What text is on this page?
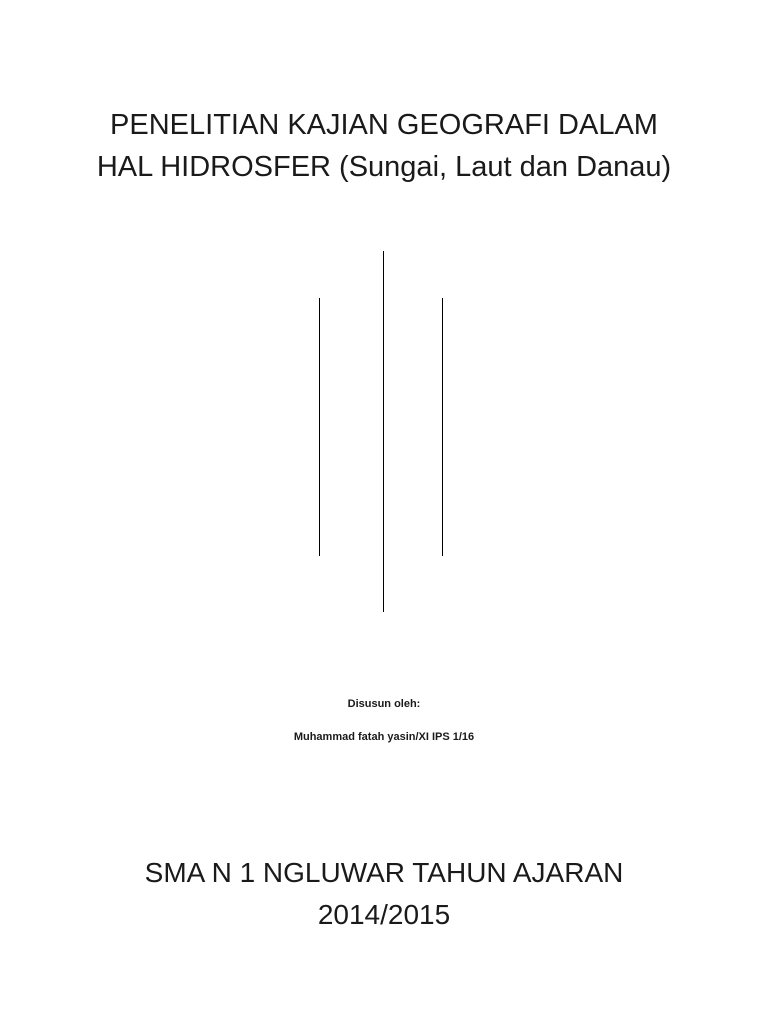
PENELITIAN KAJIAN GEOGRAFI DALAM
HAL HIDROSFER (Sungai, Laut dan Danau)
Disusun oleh:
Muhammad fatah yasin/XI IPS 1/16
SMA N 1 NGLUWAR TAHUN AJARAN
2014/2015
